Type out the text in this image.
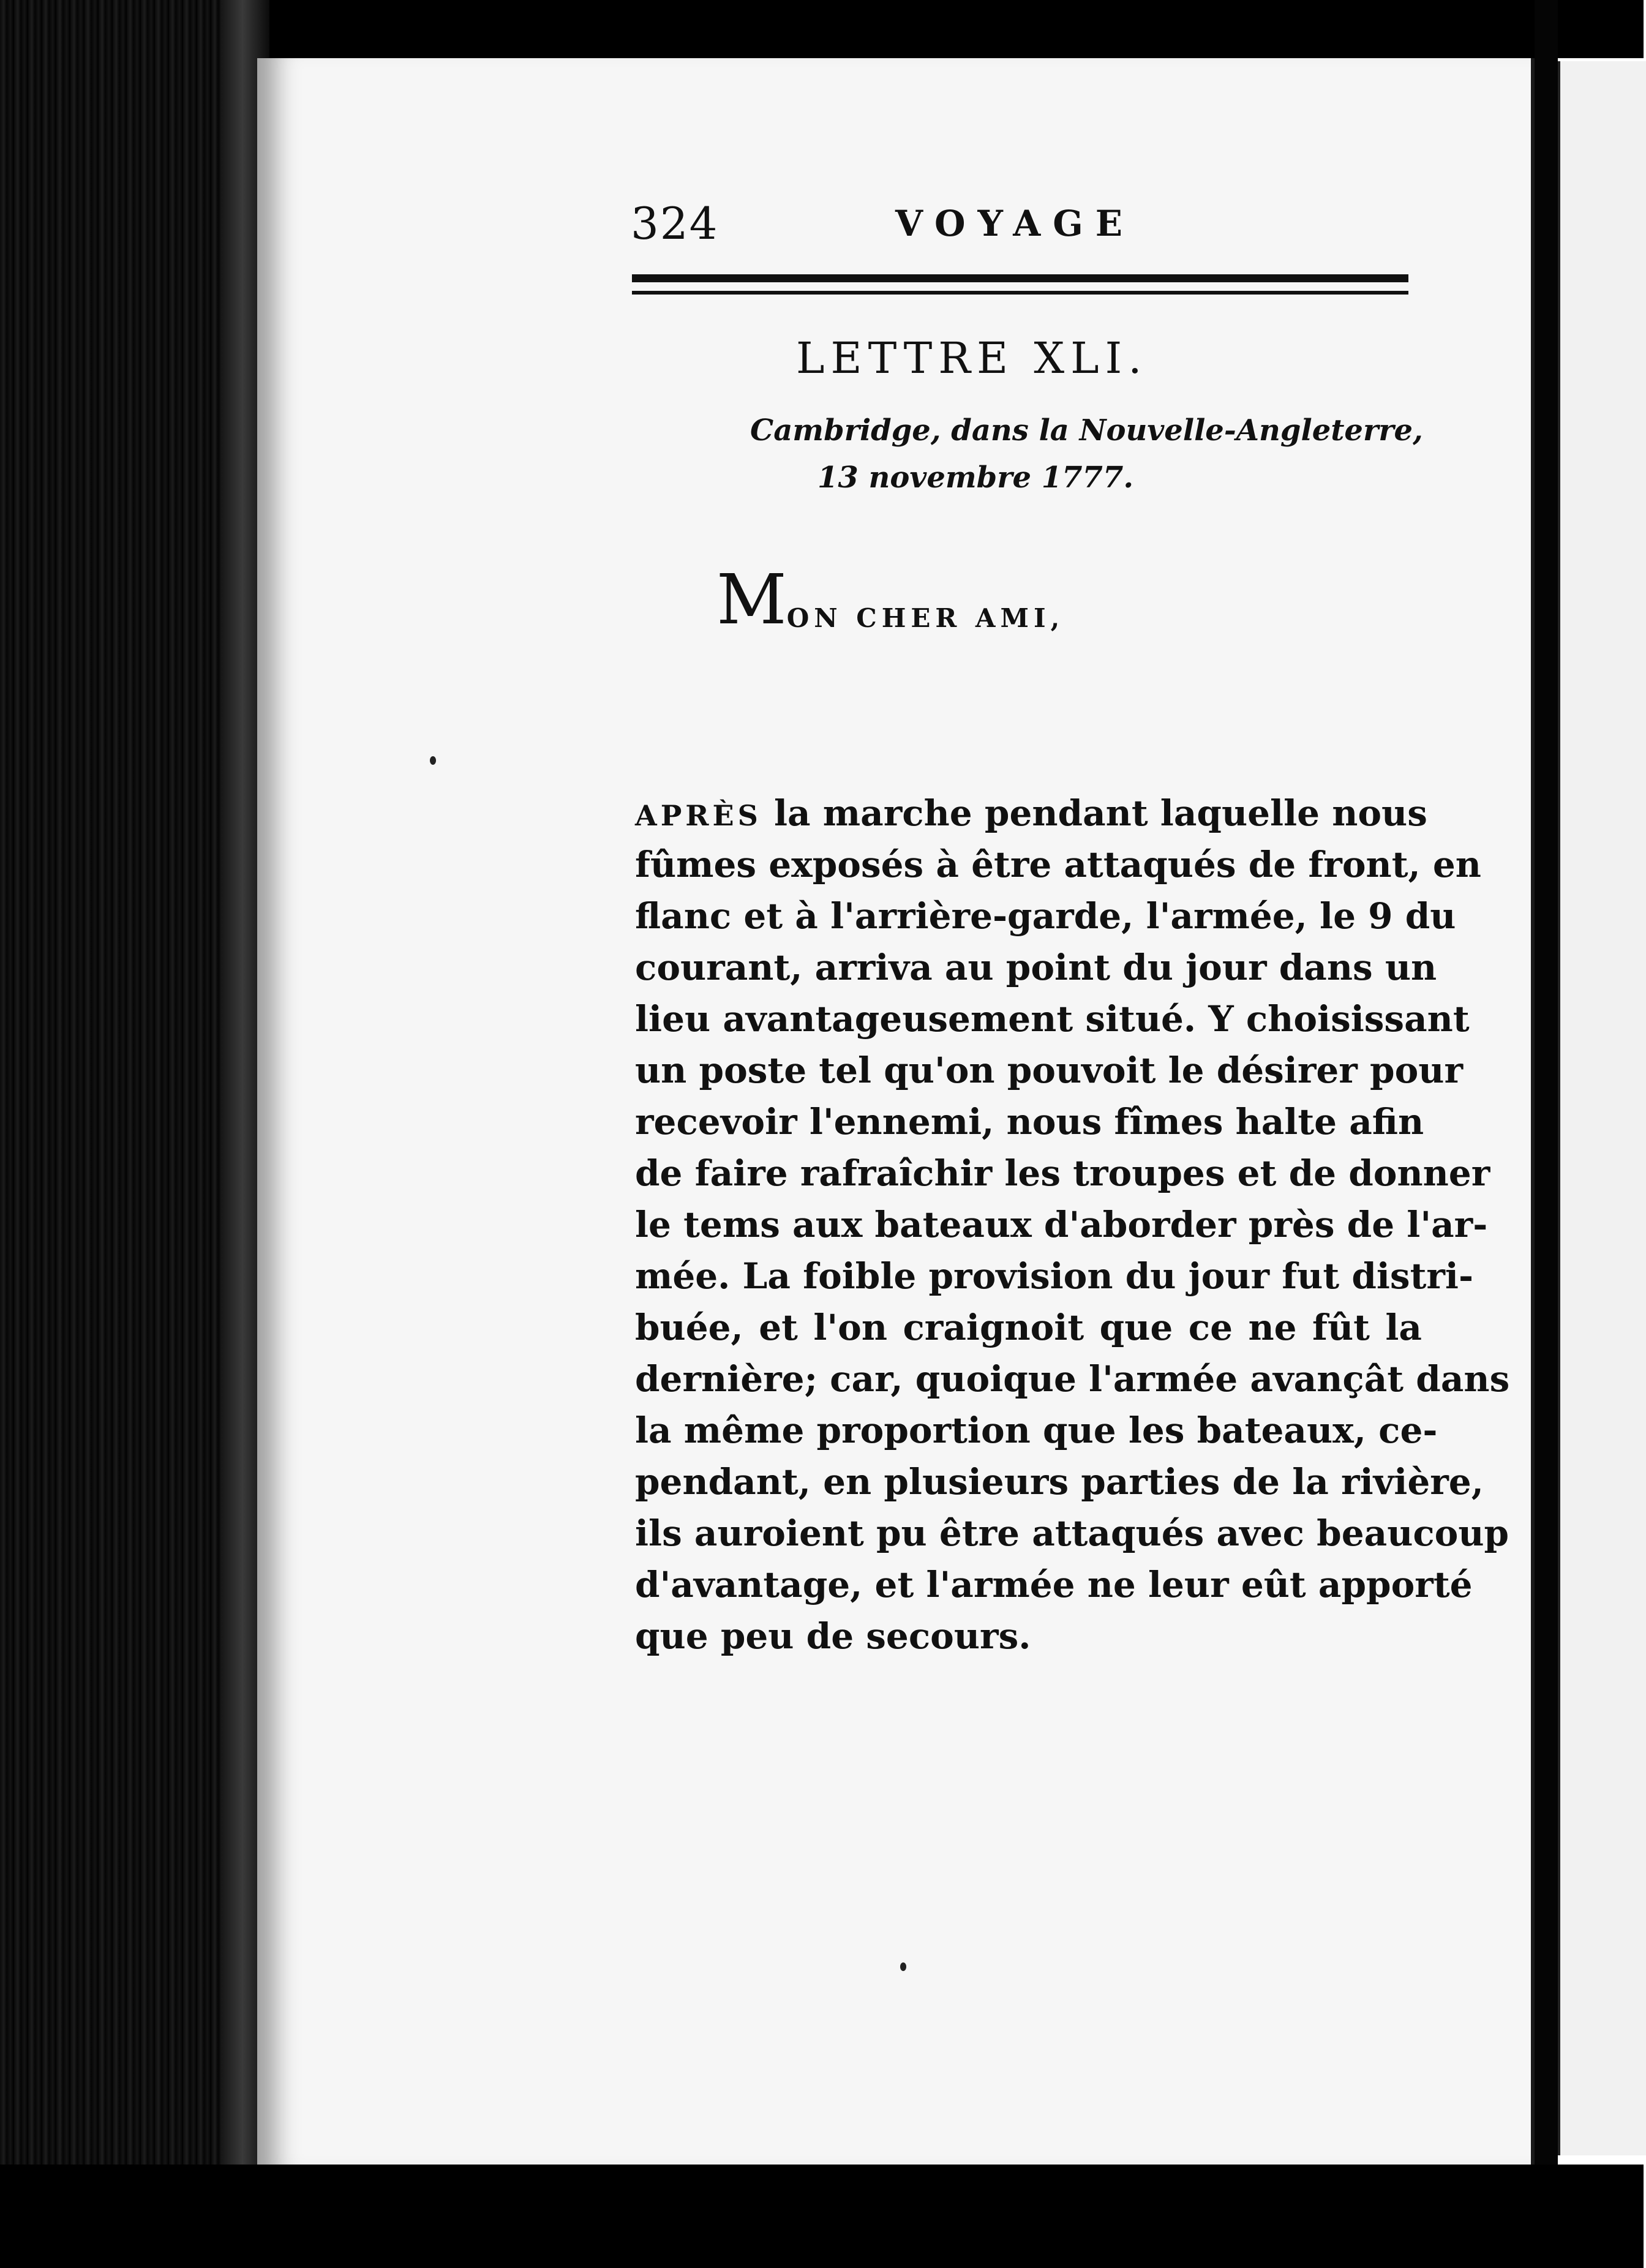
324	VOYAGE
LETTRE XLI.
Cambridge, dans la Nouvelle-Angleterre,
13 novembre 1777.
MON CHER AMI,
APRÈS la marche pendant laquelle nous
fûmes exposés à être attaqués de front, en
flanc et à l'arrière-garde, l'armée, le 9 du
courant, arriva au point du jour dans un
lieu avantageusement situé. Y choisissant
un poste tel qu'on pouvoit le désirer pour
recevoir l'ennemi, nous fîmes halte afin
de faire rafraîchir les troupes et de donner
le tems aux bateaux d'aborder près de l'ar-
mée. La foible provision du jour fut distri-
buée, et l'on craignoit que ce ne fût la
dernière; car, quoique l'armée avançât dans
la même proportion que les bateaux, ce-
pendant, en plusieurs parties de la rivière,
ils auroient pu être attaqués avec beaucoup
d'avantage, et l'armée ne leur eût apporté
que peu de secours.
